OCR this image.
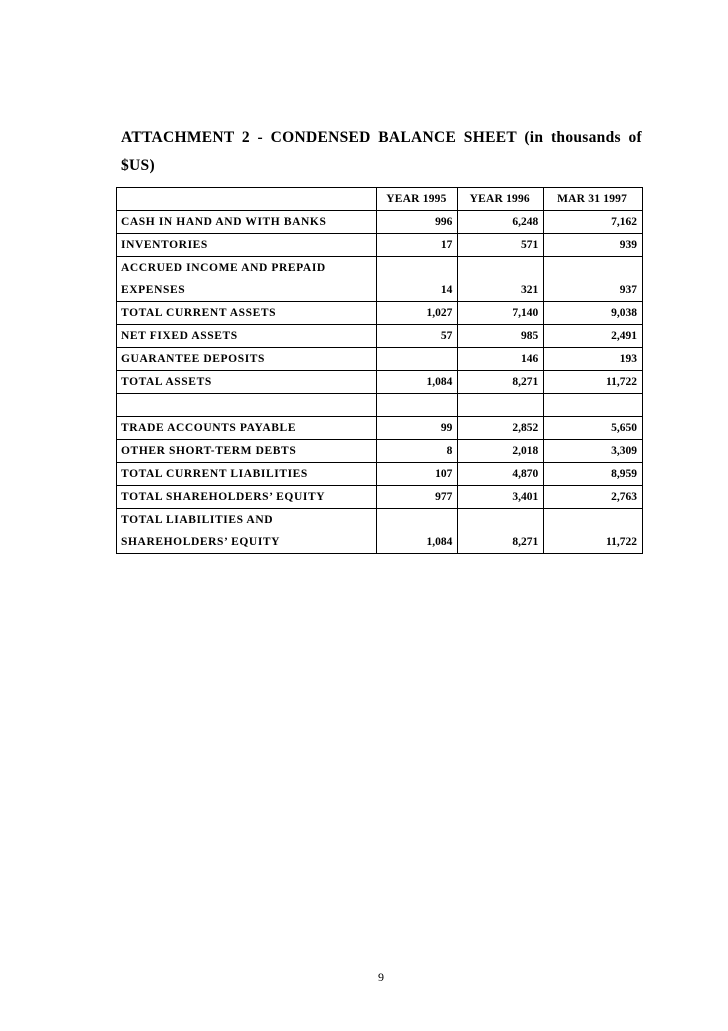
ATTACHMENT 2 - CONDENSED BALANCE SHEET (in thousands of $US)
	YEAR 1995	YEAR 1996	MAR 31 1997

CASH IN HAND AND WITH BANKS	996	6,248	7,162

INVENTORIES	17	571	939

ACCRUED INCOME AND PREPAID
EXPENSES	14	321	937

TOTAL CURRENT ASSETS	1,027	7,140	9,038

NET FIXED ASSETS	57	985	2,491

GUARANTEE DEPOSITS		146	193

TOTAL ASSETS	1,084	8,271	11,722

TRADE ACCOUNTS PAYABLE	99	2,852	5,650

OTHER SHORT-TERM DEBTS	8	2,018	3,309

TOTAL CURRENT LIABILITIES	107	4,870	8,959

TOTAL SHAREHOLDERS’ EQUITY	977	3,401	2,763

TOTAL LIABILITIES AND
SHAREHOLDERS’ EQUITY	1,084	8,271	11,722
9
